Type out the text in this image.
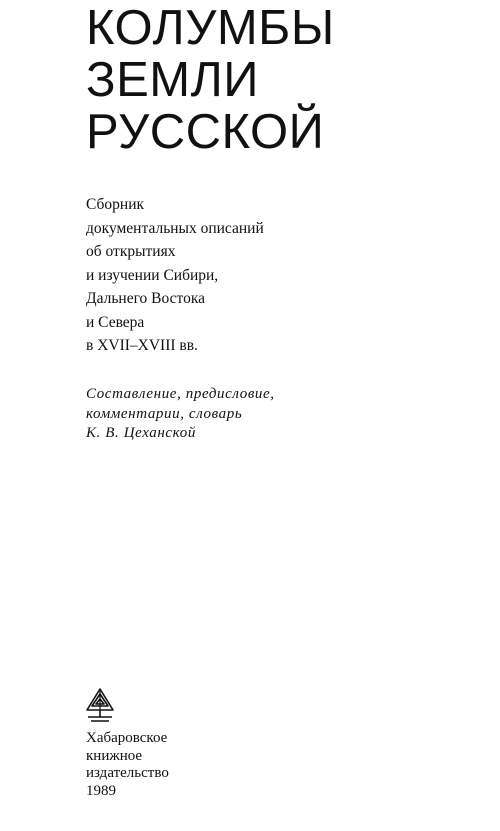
КОЛУМБЫ
ЗЕМЛИ
РУССКОЙ
Сборник
документальных описаний
об открытиях
и изучении Сибири,
Дальнего Востока
и Севера
в XVII–XVIII вв.
Составление, предисловие,
комментарии, словарь
К. В. Цеханской
Хабаровское
книжное
издательство
1989
